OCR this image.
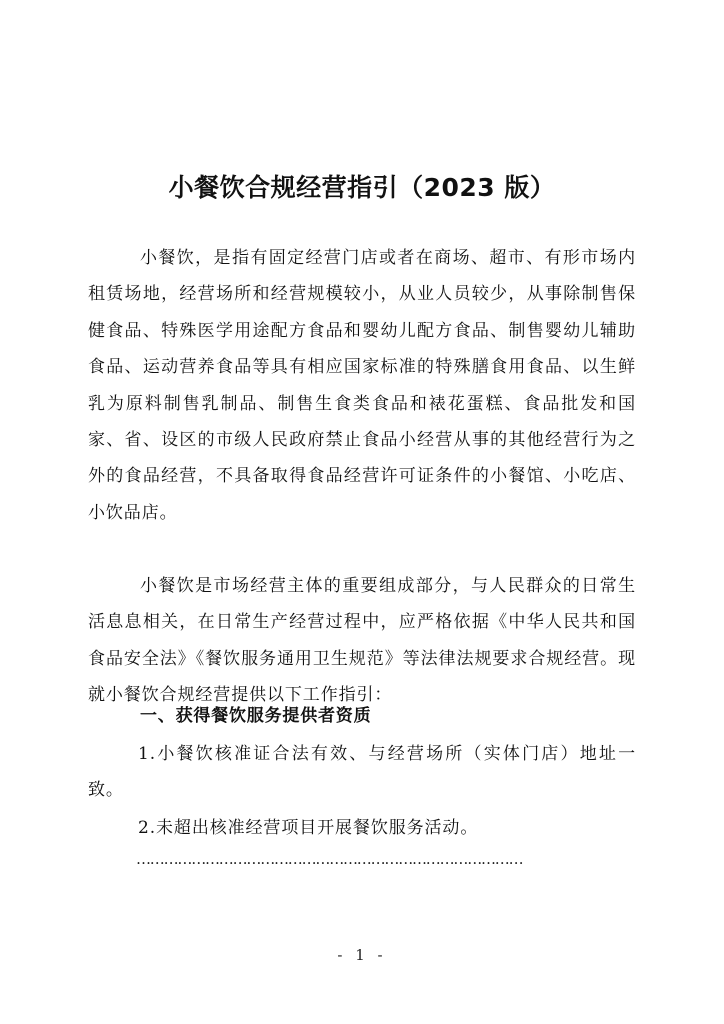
小餐饮合规经营指引（2023 版）

小餐饮，是指有固定经营门店或者在商场、超市、有形市场内租赁场地，经营场所和经营规模较小，从业人员较少，从事除制售保健食品、特殊医学用途配方食品和婴幼儿配方食品、制售婴幼儿辅助食品、运动营养食品等具有相应国家标准的特殊膳食用食品、以生鲜乳为原料制售乳制品、制售生食类食品和裱花蛋糕、食品批发和国家、省、设区的市级人民政府禁止食品小经营从事的其他经营行为之外的食品经营，不具备取得食品经营许可证条件的小餐馆、小吃店、小饮品店。

小餐饮是市场经营主体的重要组成部分，与人民群众的日常生活息息相关，在日常生产经营过程中，应严格依据《中华人民共和国食品安全法》《餐饮服务通用卫生规范》等法律法规要求合规经营。现就小餐饮合规经营提供以下工作指引：

一、获得餐饮服务提供者资质

1.小餐饮核准证合法有效、与经营场所（实体门店）地址一致。

2.未超出核准经营项目开展餐饮服务活动。

…………………………………………………………………………
- 1 -
